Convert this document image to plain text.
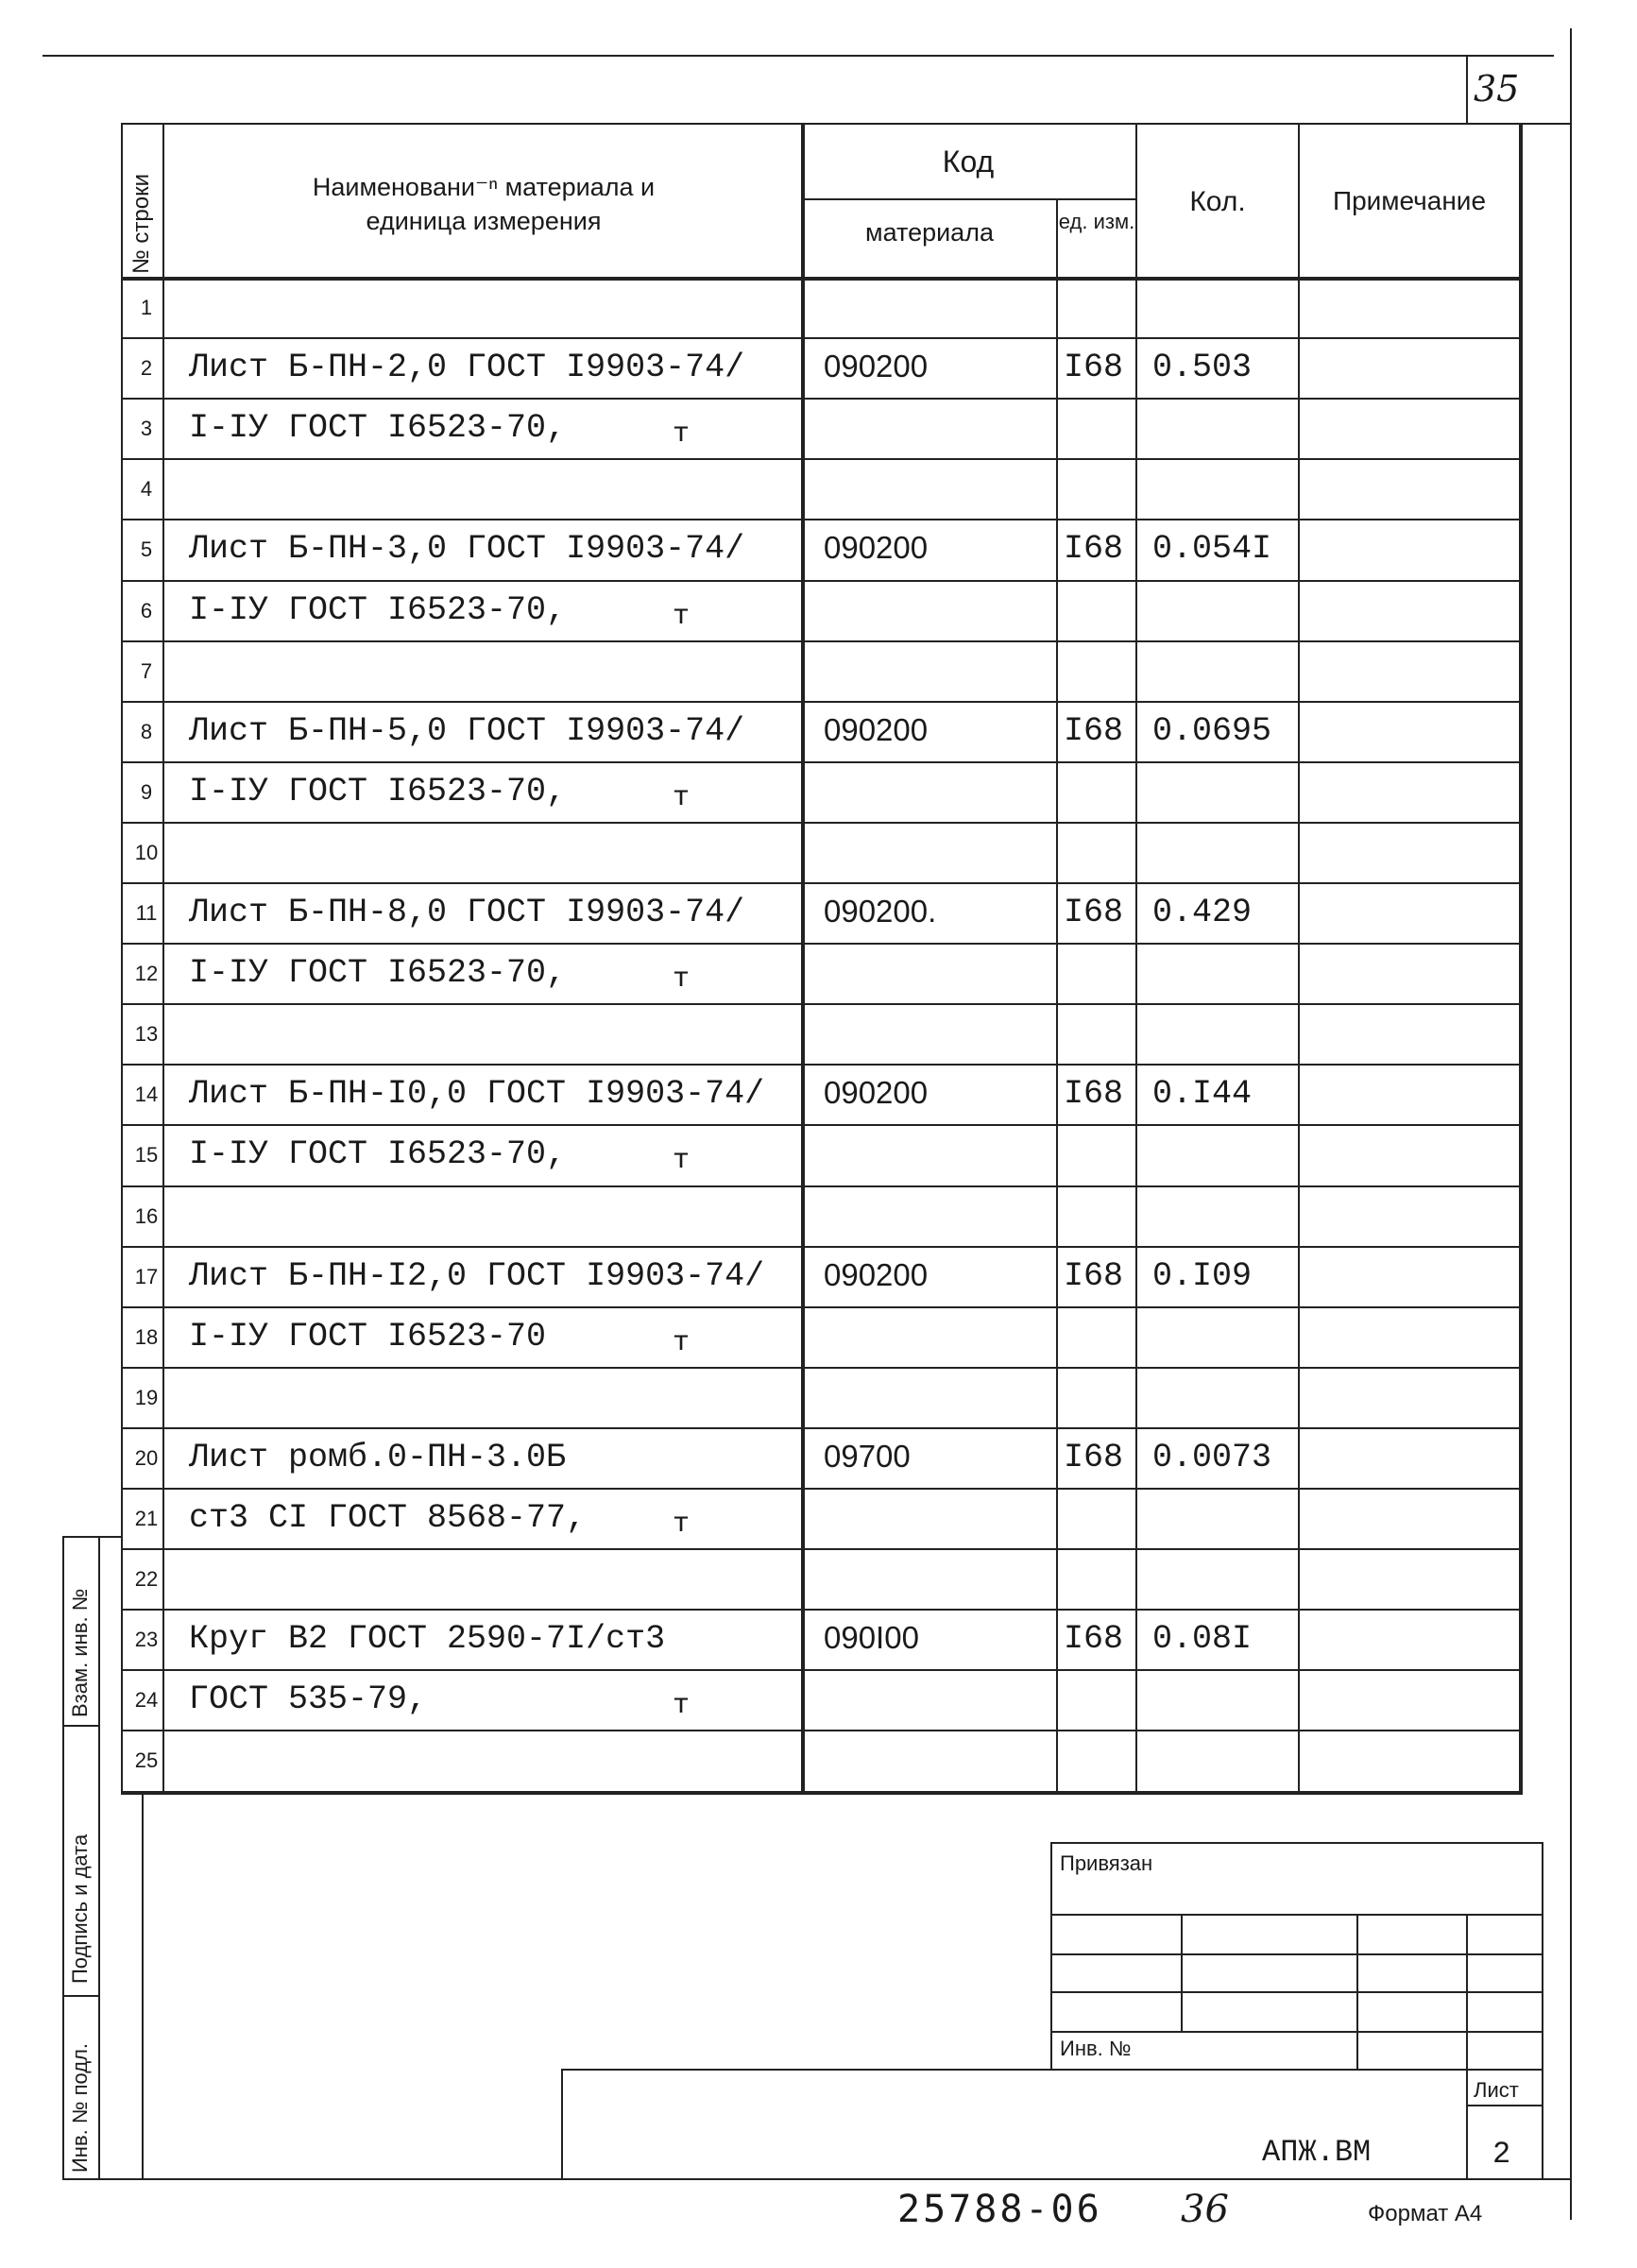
35
№ строки	Наименовани⁻ⁿ материала и
единица измерения
Код
материала	ед. изм.
Кол.	Примечание
1
2 Лист Б-ПН-2,0 ГОСТ I9903-74/	090200	I68 0.503
3 I-IУ ГОСТ I6523-70,	т
4
5 Лист Б-ПН-3,0 ГОСТ I9903-74/	090200	I68 0.054I
6 I-IУ ГОСТ I6523-70,	т
7
8 Лист Б-ПН-5,0 ГОСТ I9903-74/	090200	I68 0.0695
9 I-IУ ГОСТ I6523-70,	т
10
11 Лист Б-ПН-8,0 ГОСТ I9903-74/	090200.	I68 0.429
12 I-IУ ГОСТ I6523-70,	т
13
14 Лист Б-ПН-I0,0 ГОСТ I9903-74/ 090200	I68 0.I44
15 I-IУ ГОСТ I6523-70,	т
16
17 Лист Б-ПН-I2,0 ГОСТ I9903-74/ 090200	I68 0.I09
18 I-IУ ГОСТ I6523-70	т
19
20 Лист ромб.0-ПН-3.0Б	09700	I68 0.0073
21 ст3 СI ГОСТ 8568-77,	т
22
23 Круг В2 ГОСТ 2590-7I/ст3	090I00	I68 0.08I
24 ГОСТ 535-79,	т
25
Взам. инв. №
Подпись и дата
Инв. № подл.
Привязан
Инв. №
Лист
АПЖ.ВМ	2
25788-06 36	Формат А4
